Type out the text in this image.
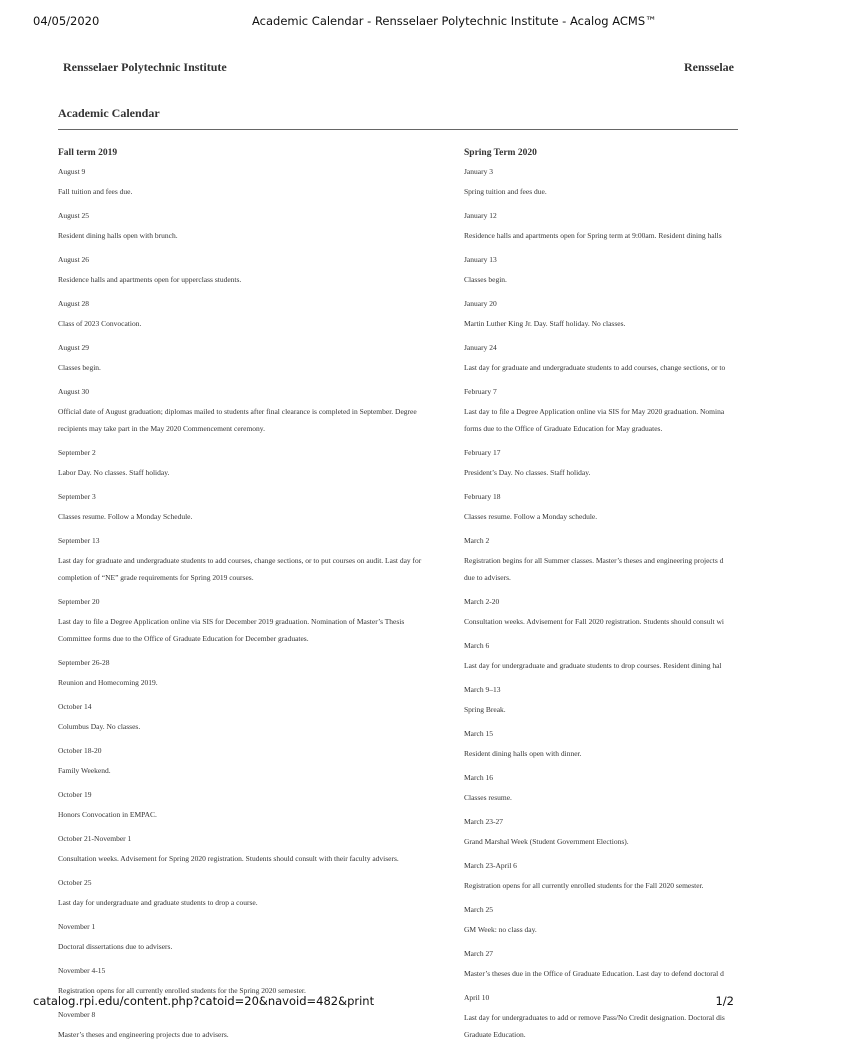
04/05/2020	Academic Calendar - Rensselaer Polytechnic Institute - Acalog ACMS™
Rensselaer Polytechnic Institute	Rensselae
Academic Calendar
Fall term 2019
August 9
Fall tuition and fees due.
August 25
Resident dining halls open with brunch.
August 26
Residence halls and apartments open for upperclass students.
August 28
Class of 2023 Convocation.
August 29
Classes begin.
August 30
Official date of August graduation; diplomas mailed to students after final clearance is completed in September. Degree recipients may take part in the May 2020 Commencement ceremony.
September 2
Labor Day. No classes. Staff holiday.
September 3
Classes resume. Follow a Monday Schedule.
September 13
Last day for graduate and undergraduate students to add courses, change sections, or to put courses on audit. Last day for completion of “NE” grade requirements for Spring 2019 courses.
September 20
Last day to file a Degree Application online via SIS for December 2019 graduation. Nomination of Master’s Thesis Committee forms due to the Office of Graduate Education for December graduates.
September 26-28
Reunion and Homecoming 2019.
October 14
Columbus Day. No classes.
October 18-20
Family Weekend.
October 19
Honors Convocation in EMPAC.
October 21-November 1
Consultation weeks. Advisement for Spring 2020 registration. Students should consult with their faculty advisers.
October 25
Last day for undergraduate and graduate students to drop a course.
November 1
Doctoral dissertations due to advisers.
November 4-15
Registration opens for all currently enrolled students for the Spring 2020 semester.
November 8
Master’s theses and engineering projects due to advisers.
Spring Term 2020
January 3
Spring tuition and fees due.
January 12
Residence halls and apartments open for Spring term at 9:00am. Resident dining halls
January 13
Classes begin.
January 20
Martin Luther King Jr. Day. Staff holiday. No classes.
January 24
Last day for graduate and undergraduate students to add courses, change sections, or to
February 7
Last day to file a Degree Application online via SIS for May 2020 graduation. Nomina
forms due to the Office of Graduate Education for May graduates.
February 17
President’s Day. No classes. Staff holiday.
February 18
Classes resume. Follow a Monday schedule.
March 2
Registration begins for all Summer classes. Master’s theses and engineering projects d
due to advisers.
March 2-20
Consultation weeks. Advisement for Fall 2020 registration. Students should consult wi
March 6
Last day for undergraduate and graduate students to drop courses. Resident dining hal
March 9–13
Spring Break.
March 15
Resident dining halls open with dinner.
March 16
Classes resume.
March 23-27
Grand Marshal Week (Student Government Elections).
March 23-April 6
Registration opens for all currently enrolled students for the Fall 2020 semester.
March 25
GM Week: no class day.
March 27
Master’s theses due in the Office of Graduate Education. Last day to defend doctoral d
April 10
Last day for undergraduates to add or remove Pass/No Credit designation. Doctoral dis
Graduate Education.
catalog.rpi.edu/content.php?catoid=20&navoid=482&print	1/2
